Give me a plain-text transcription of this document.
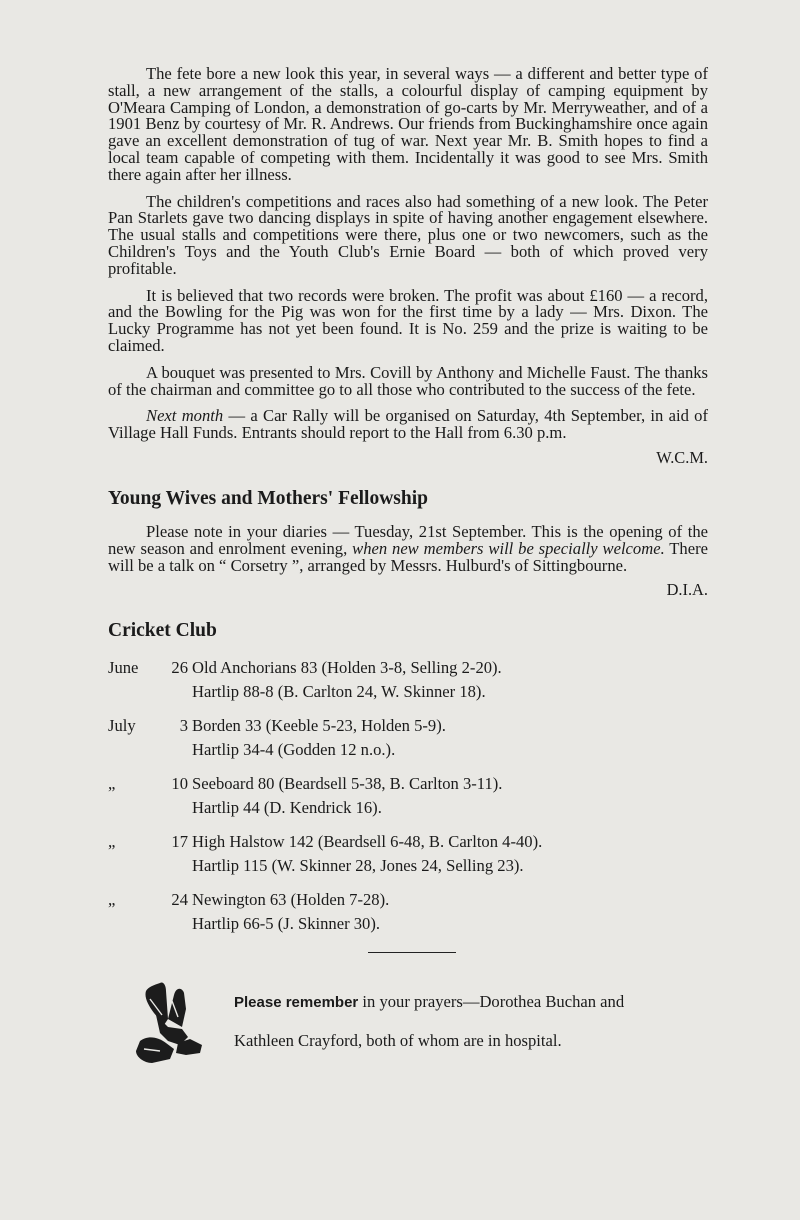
The fete bore a new look this year, in several ways — a different and better type of stall, a new arrangement of the stalls, a colourful display of camping equipment by O'Meara Camping of London, a demonstration of go-carts by Mr. Merryweather, and of a 1901 Benz by courtesy of Mr. R. Andrews. Our friends from Buckinghamshire once again gave an excellent demonstration of tug of war. Next year Mr. B. Smith hopes to find a local team capable of competing with them. Incidentally it was good to see Mrs. Smith there again after her illness.

The children's competitions and races also had something of a new look. The Peter Pan Starlets gave two dancing displays in spite of having another engagement elsewhere. The usual stalls and competitions were there, plus one or two newcomers, such as the Children's Toys and the Youth Club's Ernie Board — both of which proved very profitable.

It is believed that two records were broken. The profit was about £160 — a record, and the Bowling for the Pig was won for the first time by a lady — Mrs. Dixon. The Lucky Programme has not yet been found. It is No. 259 and the prize is waiting to be claimed.

A bouquet was presented to Mrs. Covill by Anthony and Michelle Faust. The thanks of the chairman and committee go to all those who contributed to the success of the fete.

Next month — a Car Rally will be organised on Saturday, 4th September, in aid of Village Hall Funds. Entrants should report to the Hall from 6.30 p.m.

W.C.M.
Young Wives and Mothers' Fellowship

Please note in your diaries — Tuesday, 21st September. This is the opening of the new season and enrolment evening, when new members will be specially welcome. There will be a talk on “ Corsetry ”, arranged by Messrs. Hulburd's of Sittingbourne.

D.I.A.
Cricket Club
June	26 Old Anchorians 83 (Holden 3-8, Selling 2-20).
Hartlip 88-8 (B. Carlton 24, W. Skinner 18).
July	3 Borden 33 (Keeble 5-23, Holden 5-9).
Hartlip 34-4 (Godden 12 n.o.).
„	10 Seeboard 80 (Beardsell 5-38, B. Carlton 3-11).
Hartlip 44 (D. Kendrick 16).
„	17 High Halstow 142 (Beardsell 6-48, B. Carlton 4-40).
Hartlip 115 (W. Skinner 28, Jones 24, Selling 23).
„	24 Newington 63 (Holden 7-28).
Hartlip 66-5 (J. Skinner 30).
Please remember in your prayers—Dorothea Buchan and
Kathleen Crayford, both of whom are in hospital.
